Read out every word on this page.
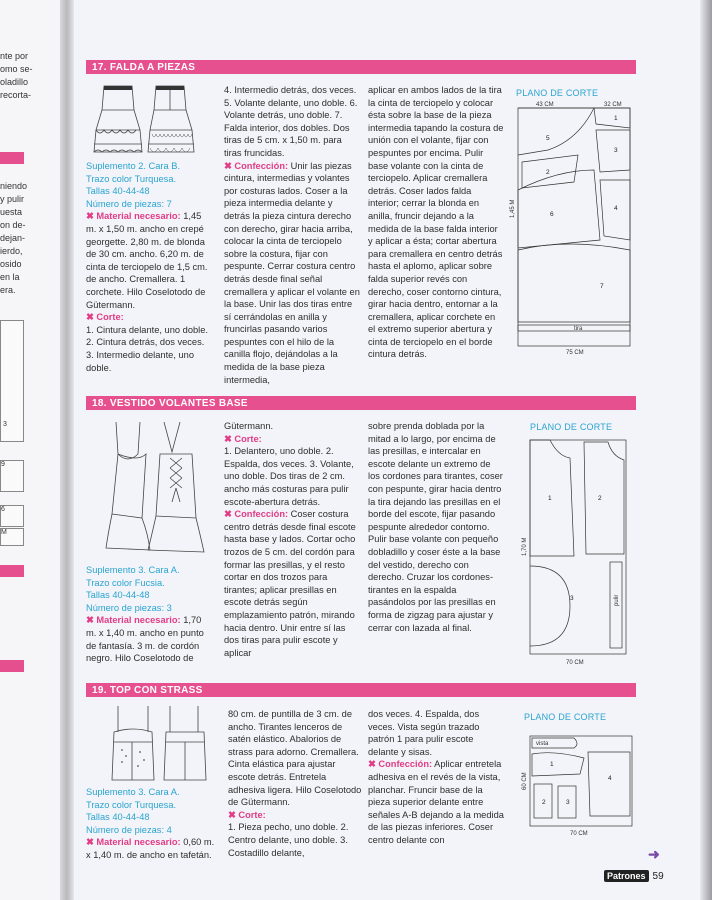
nte por
omo se-
oladillo
recorta-
niendo
y pulir
uesta
on de-
dejan-
ierdo,
osido
en la
era.
3
9
6
M
17. FALDA A PIEZAS

Suplemento 2. Cara B.

Trazo color Turquesa.

Tallas 40-44-48

Número de piezas: 7

✖ Material necesario: 1,45 m. x 1,50 m. ancho en crepé georgette. 2,80 m. de blonda de 30 cm. ancho. 6,20 m. de cinta de terciopelo de 1,5 cm. de ancho. Cremallera. 1 corchete. Hilo Coselotodo de Gütermann.

✖ Corte:

1. Cintura delante, uno doble. 2. Cintura detrás, dos veces. 3. Intermedio delante, uno doble.

4. Intermedio detrás, dos veces. 5. Volante delante, uno doble. 6. Volante detrás, uno doble. 7. Falda interior, dos dobles. Dos tiras de 5 cm. x 1,50 m. para tiras fruncidas.

✖ Confección: Unir las piezas cintura, intermedias y volantes por costuras lados. Coser a la pieza intermedia delante y detrás la pieza cintura derecho con derecho, girar hacia arriba, colocar la cinta de terciopelo sobre la costura, fijar con pespunte. Cerrar costura centro detrás desde final señal cremallera y aplicar el volante en la base. Unir las dos tiras entre sí cerrándolas en anilla y fruncirlas pasando varios pespuntes con el hilo de la canilla flojo, dejándolas a la medida de la base pieza intermedia,

aplicar en ambos lados de la tira la cinta de terciopelo y colocar ésta sobre la base de la pieza intermedia tapando la costura de unión con el volante, fijar con pespuntes por encima. Pulir base volante con la cinta de terciopelo. Aplicar cremallera detrás. Coser lados falda interior; cerrar la blonda en anilla, fruncir dejando a la medida de la base falda interior y aplicar a ésta; cortar abertura para cremallera en centro detrás hasta el aplomo, aplicar sobre falda superior revés con derecho, coser contorno cintura, girar hacia dentro, entornar a la cremallera, aplicar corchete en el extremo superior abertura y cinta de terciopelo en el borde cintura detrás.

PLANO DE CORTE
43 CM	32 CM
5
1
2
3
6
4
7
tira
1,45 M
75 CM
18. VESTIDO VOLANTES BASE

Suplemento 3. Cara A.

Trazo color Fucsia.

Tallas 40-44-48

Número de piezas: 3

✖ Material necesario: 1,70 m. x 1,40 m. ancho en punto de fantasía. 3 m. de cordón negro. Hilo Coselotodo de

Gütermann.

✖ Corte:

1. Delantero, uno doble. 2. Espalda, dos veces. 3. Volante, uno doble. Dos tiras de 2 cm. ancho más costuras para pulir escote-abertura detrás.

✖ Confección: Coser costura centro detrás desde final escote hasta base y lados. Cortar ocho trozos de 5 cm. del cordón para formar las presillas, y el resto cortar en dos trozos para tirantes; aplicar presillas en escote detrás según emplazamiento patrón, mirando hacia dentro. Unir entre sí las dos tiras para pulir escote y aplicar

sobre prenda doblada por la mitad a lo largo, por encima de las presillas, e intercalar en escote delante un extremo de los cordones para tirantes, coser con pespunte, girar hacia dentro la tira dejando las presillas en el borde del escote, fijar pasando pespunte alrededor contorno. Pulir base volante con pequeño dobladillo y coser éste a la base del vestido, derecho con derecho. Cruzar los cordones-tirantes en la espalda pasándolos por las presillas en forma de zigzag para ajustar y cerrar con lazada al final.

PLANO DE CORTE
1	2
3	pulir
1,70 M
70 CM
19. TOP CON STRASS

Suplemento 3. Cara A.

Trazo color Turquesa.

Tallas 40-44-48

Número de piezas: 4

✖ Material necesario: 0,60 m. x 1,40 m. de ancho en tafetán.

80 cm. de puntilla de 3 cm. de ancho. Tirantes lenceros de satén elástico. Abalorios de strass para adorno. Cremallera. Cinta elástica para ajustar escote detrás. Entretela adhesiva ligera. Hilo Coselotodo de Gütermann.

✖ Corte:

1. Pieza pecho, uno doble. 2. Centro delante, uno doble. 3. Costadillo delante,

dos veces. 4. Espalda, dos veces. Vista según trazado patrón 1 para pulir escote delante y sisas.

✖ Confección: Aplicar entretela adhesiva en el revés de la vista, planchar. Fruncir base de la pieza superior delante entre señales A-B dejando a la medida de las piezas inferiores. Coser centro delante con

PLANO DE CORTE
vista
1
2	3
4
60 CM
70 CM
➜
Patrones 59
